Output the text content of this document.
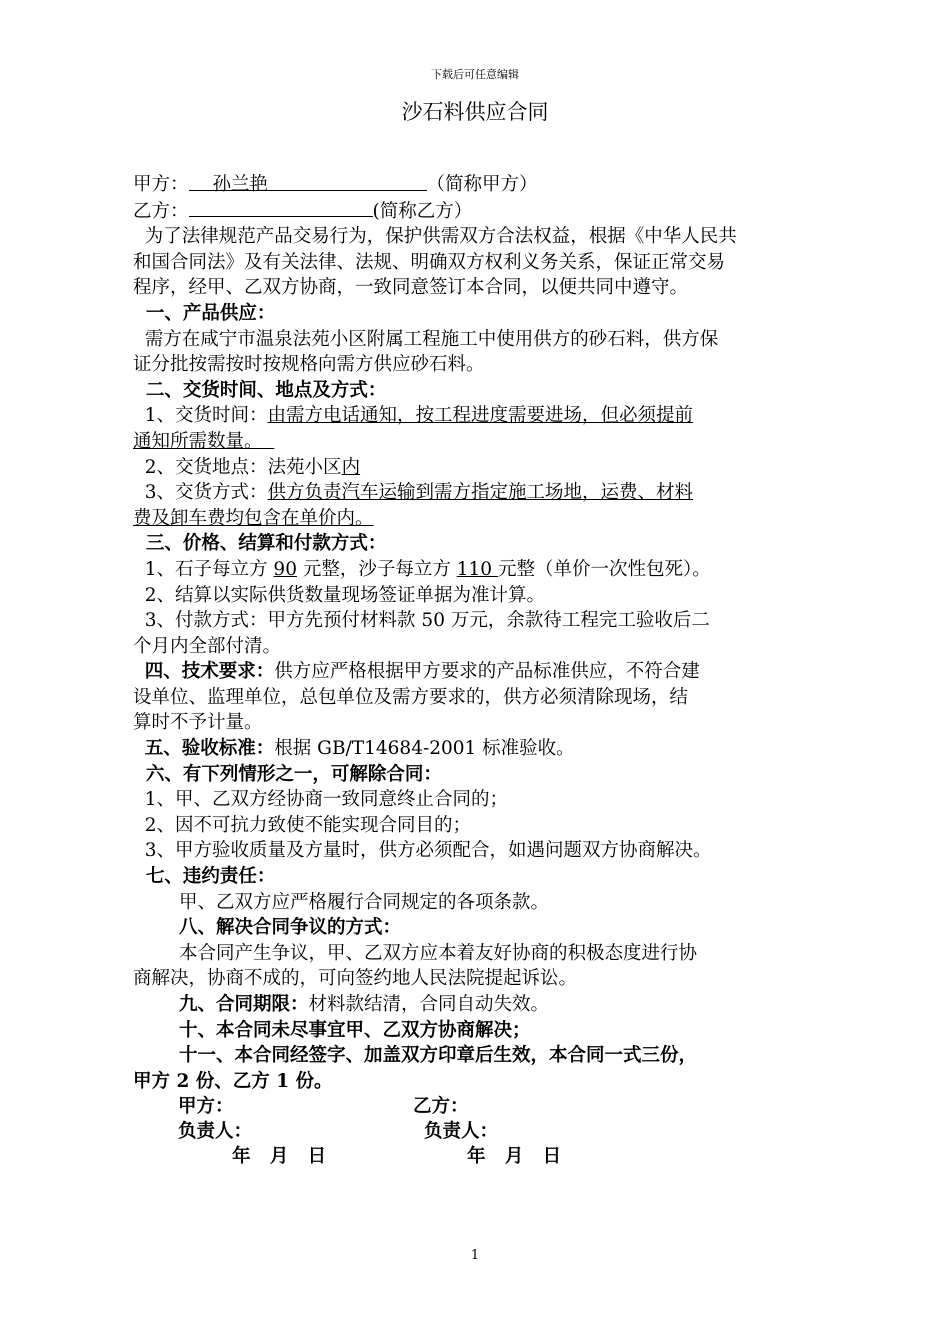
下载后可任意编辑
沙石料供应合同

甲方： 孙兰艳	（简称甲方）

乙方：	(简称乙方）

为了法律规范产品交易行为，保护供需双方合法权益，根据《中华人民共

和国合同法》及有关法律、法规、明确双方权利义务关系，保证正常交易

程序，经甲、乙双方协商，一致同意签订本合同，以便共同中遵守。

一、产品供应：

需方在咸宁市温泉法苑小区附属工程施工中使用供方的砂石料，供方保

证分批按需按时按规格向需方供应砂石料。

二、交货时间、地点及方式：

1、交货时间：由需方电话通知，按工程进度需要进场，但必须提前

通知所需数量。

2、交货地点：法苑小区内

3、交货方式：供方负责汽车运输到需方指定施工场地，运费、材料

费及卸车费均包含在单价内。

三、价格、结算和付款方式：

1、石子每立方 90 元整，沙子每立方 110 元整（单价一次性包死）。

2、结算以实际供货数量现场签证单据为准计算。

3、付款方式：甲方先预付材料款 50 万元，余款待工程完工验收后二

个月内全部付清。

四、技术要求：供方应严格根据甲方要求的产品标准供应，不符合建

设单位、监理单位，总包单位及需方要求的，供方必须清除现场，结

算时不予计量。

五、验收标准：根据 GB/T14684-2001 标准验收。

六、有下列情形之一，可解除合同：

1、甲、乙双方经协商一致同意终止合同的；

2、因不可抗力致使不能实现合同目的；

3、甲方验收质量及方量时，供方必须配合，如遇问题双方协商解决。

七、违约责任：

甲、乙双方应严格履行合同规定的各项条款。

八、解决合同争议的方式：

本合同产生争议，甲、乙双方应本着友好协商的积极态度进行协

商解决，协商不成的，可向签约地人民法院提起诉讼。

九、合同期限：材料款结清，合同自动失效。

十、本合同未尽事宜甲、乙双方协商解决；

十一、本合同经签字、加盖双方印章后生效，本合同一式三份，

甲方 2 份、乙方 1 份。

甲方：	乙方：
负责人：	负责人：
年   月   日	年   月   日
1
